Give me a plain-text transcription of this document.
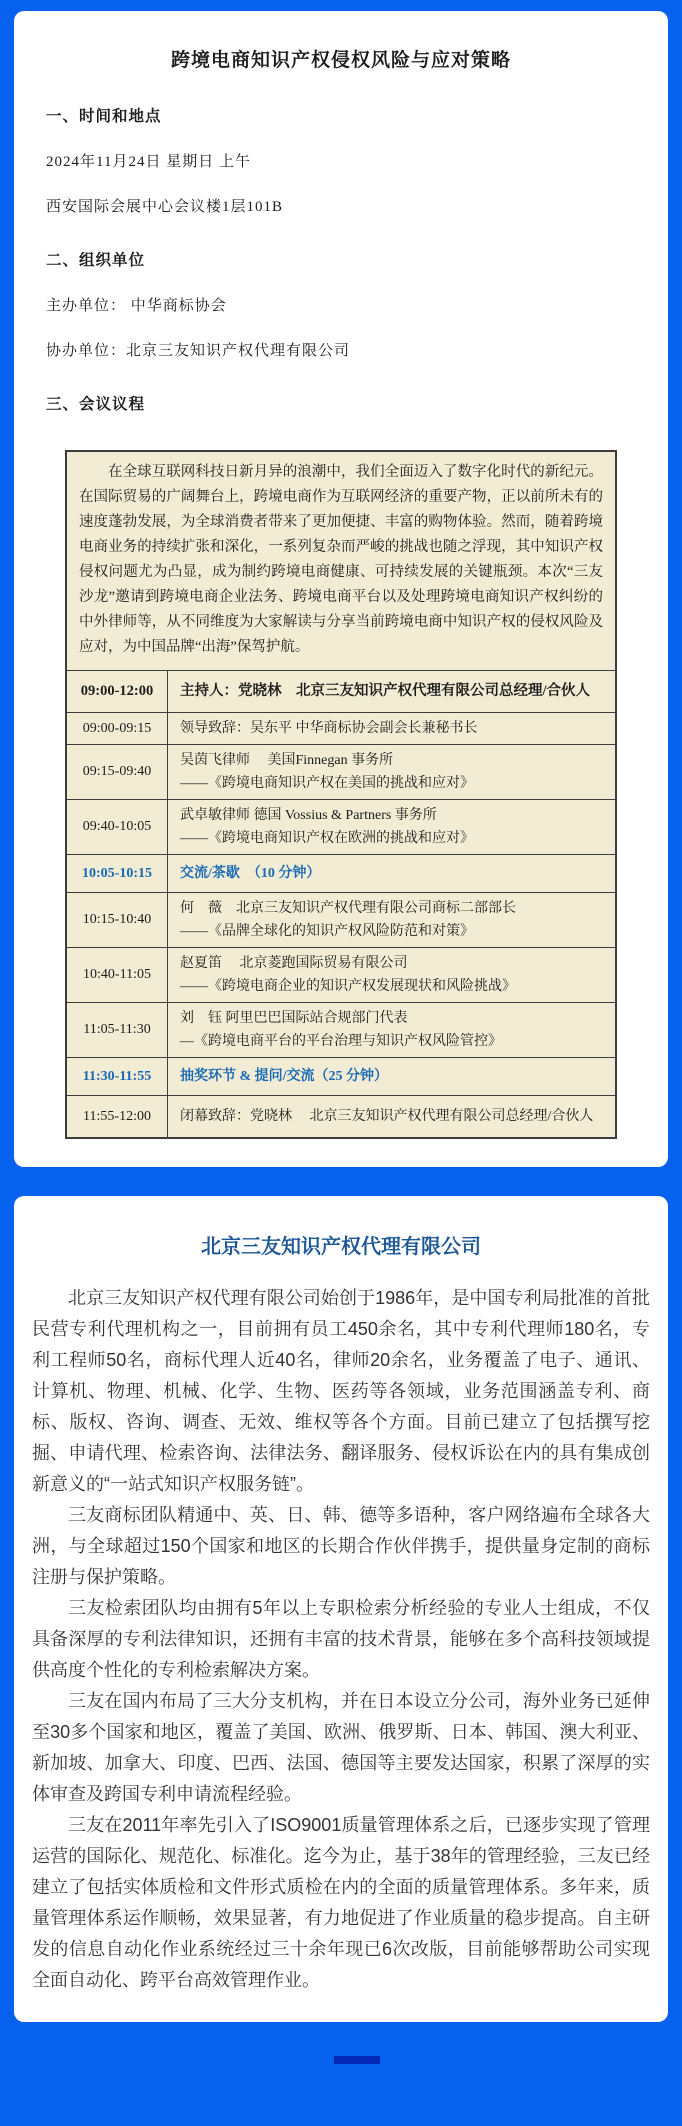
跨境电商知识产权侵权风险与应对策略
一、时间和地点
2024年11月24日 星期日 上午
西安国际会展中心会议楼1层101B
二、组织单位
主办单位： 中华商标协会
协办单位：北京三友知识产权代理有限公司
三、会议议程
在全球互联网科技日新月异的浪潮中，我们全面迈入了数字化时代的新纪元。 在国际贸易的广阔舞台上，跨境电商作为互联网经济的重要产物，正以前所未有的速度蓬勃发展，为全球消费者带来了更加便捷、丰富的购物体验。然而，随着跨境电商业务的持续扩张和深化，一系列复杂而严峻的挑战也随之浮现，其中知识产权侵权问题尤为凸显，成为制约跨境电商健康、可持续发展的关键瓶颈。本次“三友沙龙”邀请到跨境电商企业法务、跨境电商平台以及处理跨境电商知识产权纠纷的中外律师等，从不同维度为大家解读与分享当前跨境电商中知识产权的侵权风险及应对，为中国品牌“出海”保驾护航。	
09:00-12:00	主持人：党晓林　北京三友知识产权代理有限公司总经理/合伙人

09:00-09:15	领导致辞：吴东平 中华商标协会副会长兼秘书长

09:15-09:40	吴茵飞律师　 美国Finnegan 事务所
——《跨境电商知识产权在美国的挑战和应对》

09:40-10:05	武卓敏律师 德国 Vossius & Partners 事务所
——《跨境电商知识产权在欧洲的挑战和应对》

10:05-10:15	交流/茶歇　（10 分钟）

10:15-10:40	何　薇　北京三友知识产权代理有限公司商标二部部长
——《品牌全球化的知识产权风险防范和对策》

10:40-11:05	赵夏笛　 北京菱跑国际贸易有限公司
——《跨境电商企业的知识产权发展现状和风险挑战》

11:05-11:30	刘　钰 阿里巴巴国际站合规部门代表
—《跨境电商平台的平台治理与知识产权风险管控》

11:30-11:55	抽奖环节 & 提问/交流（25 分钟）

11:55-12:00	闭幕致辞：党晓林　 北京三友知识产权代理有限公司总经理/合伙人
北京三友知识产权代理有限公司

北京三友知识产权代理有限公司始创于1986年，是中国专利局批准的首批民营专利代理机构之一，目前拥有员工450余名，其中专利代理师180名，专利工程师50名，商标代理人近40名，律师20余名，业务覆盖了电子、通讯、计算机、物理、机械、化学、生物、医药等各领域，业务范围涵盖专利、商标、版权、咨询、调查、无效、维权等各个方面。目前已建立了包括撰写挖掘、申请代理、检索咨询、法律法务、翻译服务、侵权诉讼在内的具有集成创新意义的“一站式知识产权服务链”。

三友商标团队精通中、英、日、韩、德等多语种，客户网络遍布全球各大洲，与全球超过150个国家和地区的长期合作伙伴携手，提供量身定制的商标注册与保护策略。

三友检索团队均由拥有5年以上专职检索分析经验的专业人士组成，不仅具备深厚的专利法律知识，还拥有丰富的技术背景，能够在多个高科技领域提供高度个性化的专利检索解决方案。

三友在国内布局了三大分支机构，并在日本设立分公司，海外业务已延伸至30多个国家和地区，覆盖了美国、欧洲、俄罗斯、日本、韩国、澳大利亚、新加坡、加拿大、印度、巴西、法国、德国等主要发达国家，积累了深厚的实体审查及跨国专利申请流程经验。

三友在2011年率先引入了ISO9001质量管理体系之后，已逐步实现了管理运营的国际化、规范化、标准化。迄今为止，基于38年的管理经验，三友已经建立了包括实体质检和文件形式质检在内的全面的质量管理体系。多年来，质量管理体系运作顺畅，效果显著，有力地促进了作业质量的稳步提高。自主研发的信息自动化作业系统经过三十余年现已6次改版，目前能够帮助公司实现全面自动化、跨平台高效管理作业。
